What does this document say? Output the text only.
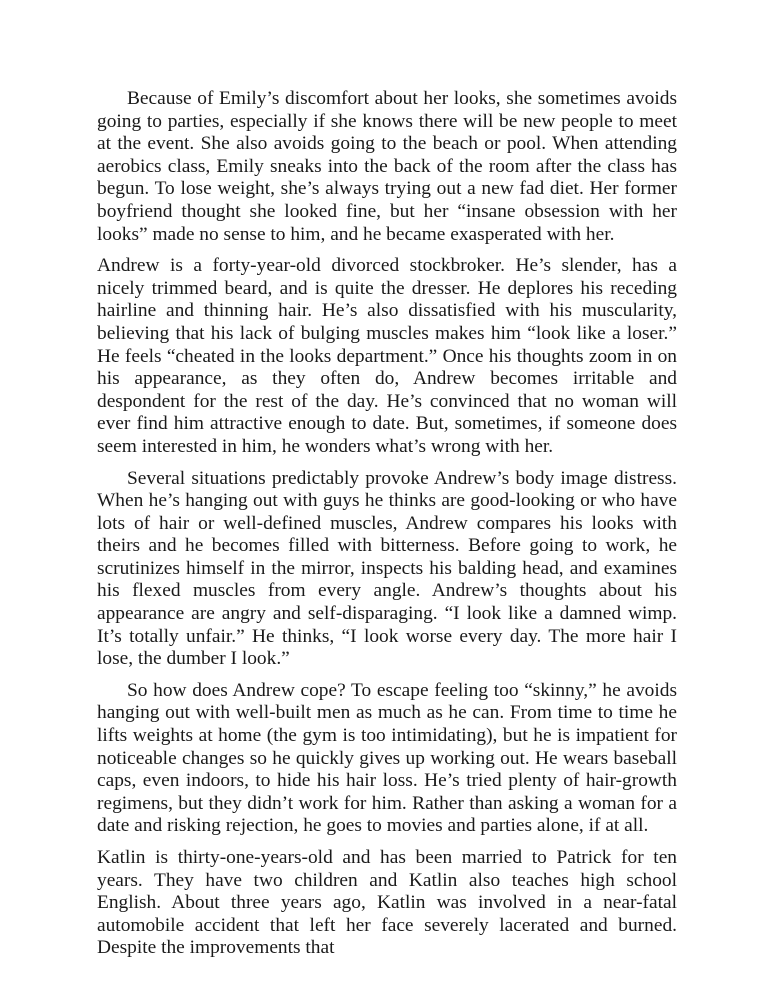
Because of Emily’s discomfort about her looks, she sometimes avoids going to parties, especially if she knows there will be new people to meet at the event. She also avoids going to the beach or pool. When attending aerobics class, Emily sneaks into the back of the room after the class has begun. To lose weight, she’s always trying out a new fad diet. Her former boyfriend thought she looked fine, but her “insane obsession with her looks” made no sense to him, and he became exasperated with her.

Andrew is a forty-year-old divorced stockbroker. He’s slender, has a nicely trimmed beard, and is quite the dresser. He deplores his receding hairline and thinning hair. He’s also dissatisfied with his muscularity, believing that his lack of bulging muscles makes him “look like a loser.” He feels “cheated in the looks department.” Once his thoughts zoom in on his appearance, as they often do, Andrew becomes irritable and despondent for the rest of the day. He’s convinced that no woman will ever find him attractive enough to date. But, sometimes, if someone does seem interested in him, he wonders what’s wrong with her.

Several situations predictably provoke Andrew’s body image distress. When he’s hanging out with guys he thinks are good-looking or who have lots of hair or well-defined muscles, Andrew compares his looks with theirs and he becomes filled with bitterness. Before going to work, he scrutinizes himself in the mirror, inspects his balding head, and examines his flexed muscles from every angle. Andrew’s thoughts about his appearance are angry and self-disparaging. “I look like a damned wimp. It’s totally unfair.” He thinks, “I look worse every day. The more hair I lose, the dumber I look.”

So how does Andrew cope? To escape feeling too “skinny,” he avoids hanging out with well-built men as much as he can. From time to time he lifts weights at home (the gym is too intimidating), but he is impatient for noticeable changes so he quickly gives up working out. He wears baseball caps, even indoors, to hide his hair loss. He’s tried plenty of hair-growth regimens, but they didn’t work for him. Rather than asking a woman for a date and risking rejection, he goes to movies and parties alone, if at all.

Katlin is thirty-one-years-old and has been married to Patrick for ten years. They have two children and Katlin also teaches high school English. About three years ago, Katlin was involved in a near-fatal automobile accident that left her face severely lacerated and burned. Despite the improvements that
